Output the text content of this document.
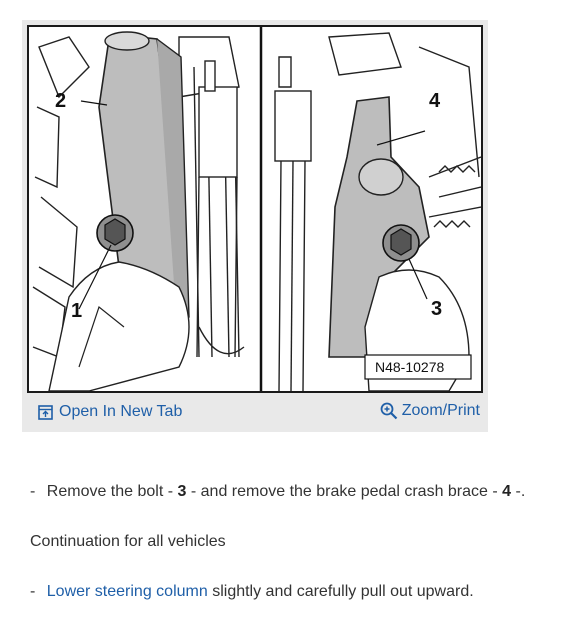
2
1
4
3
N48-10278
Open In New Tab	Zoom/Print
- Remove the bolt - 3 - and remove the brake pedal crash brace - 4 -.
Continuation for all vehicles
- Lower steering column slightly and carefully pull out upward.
